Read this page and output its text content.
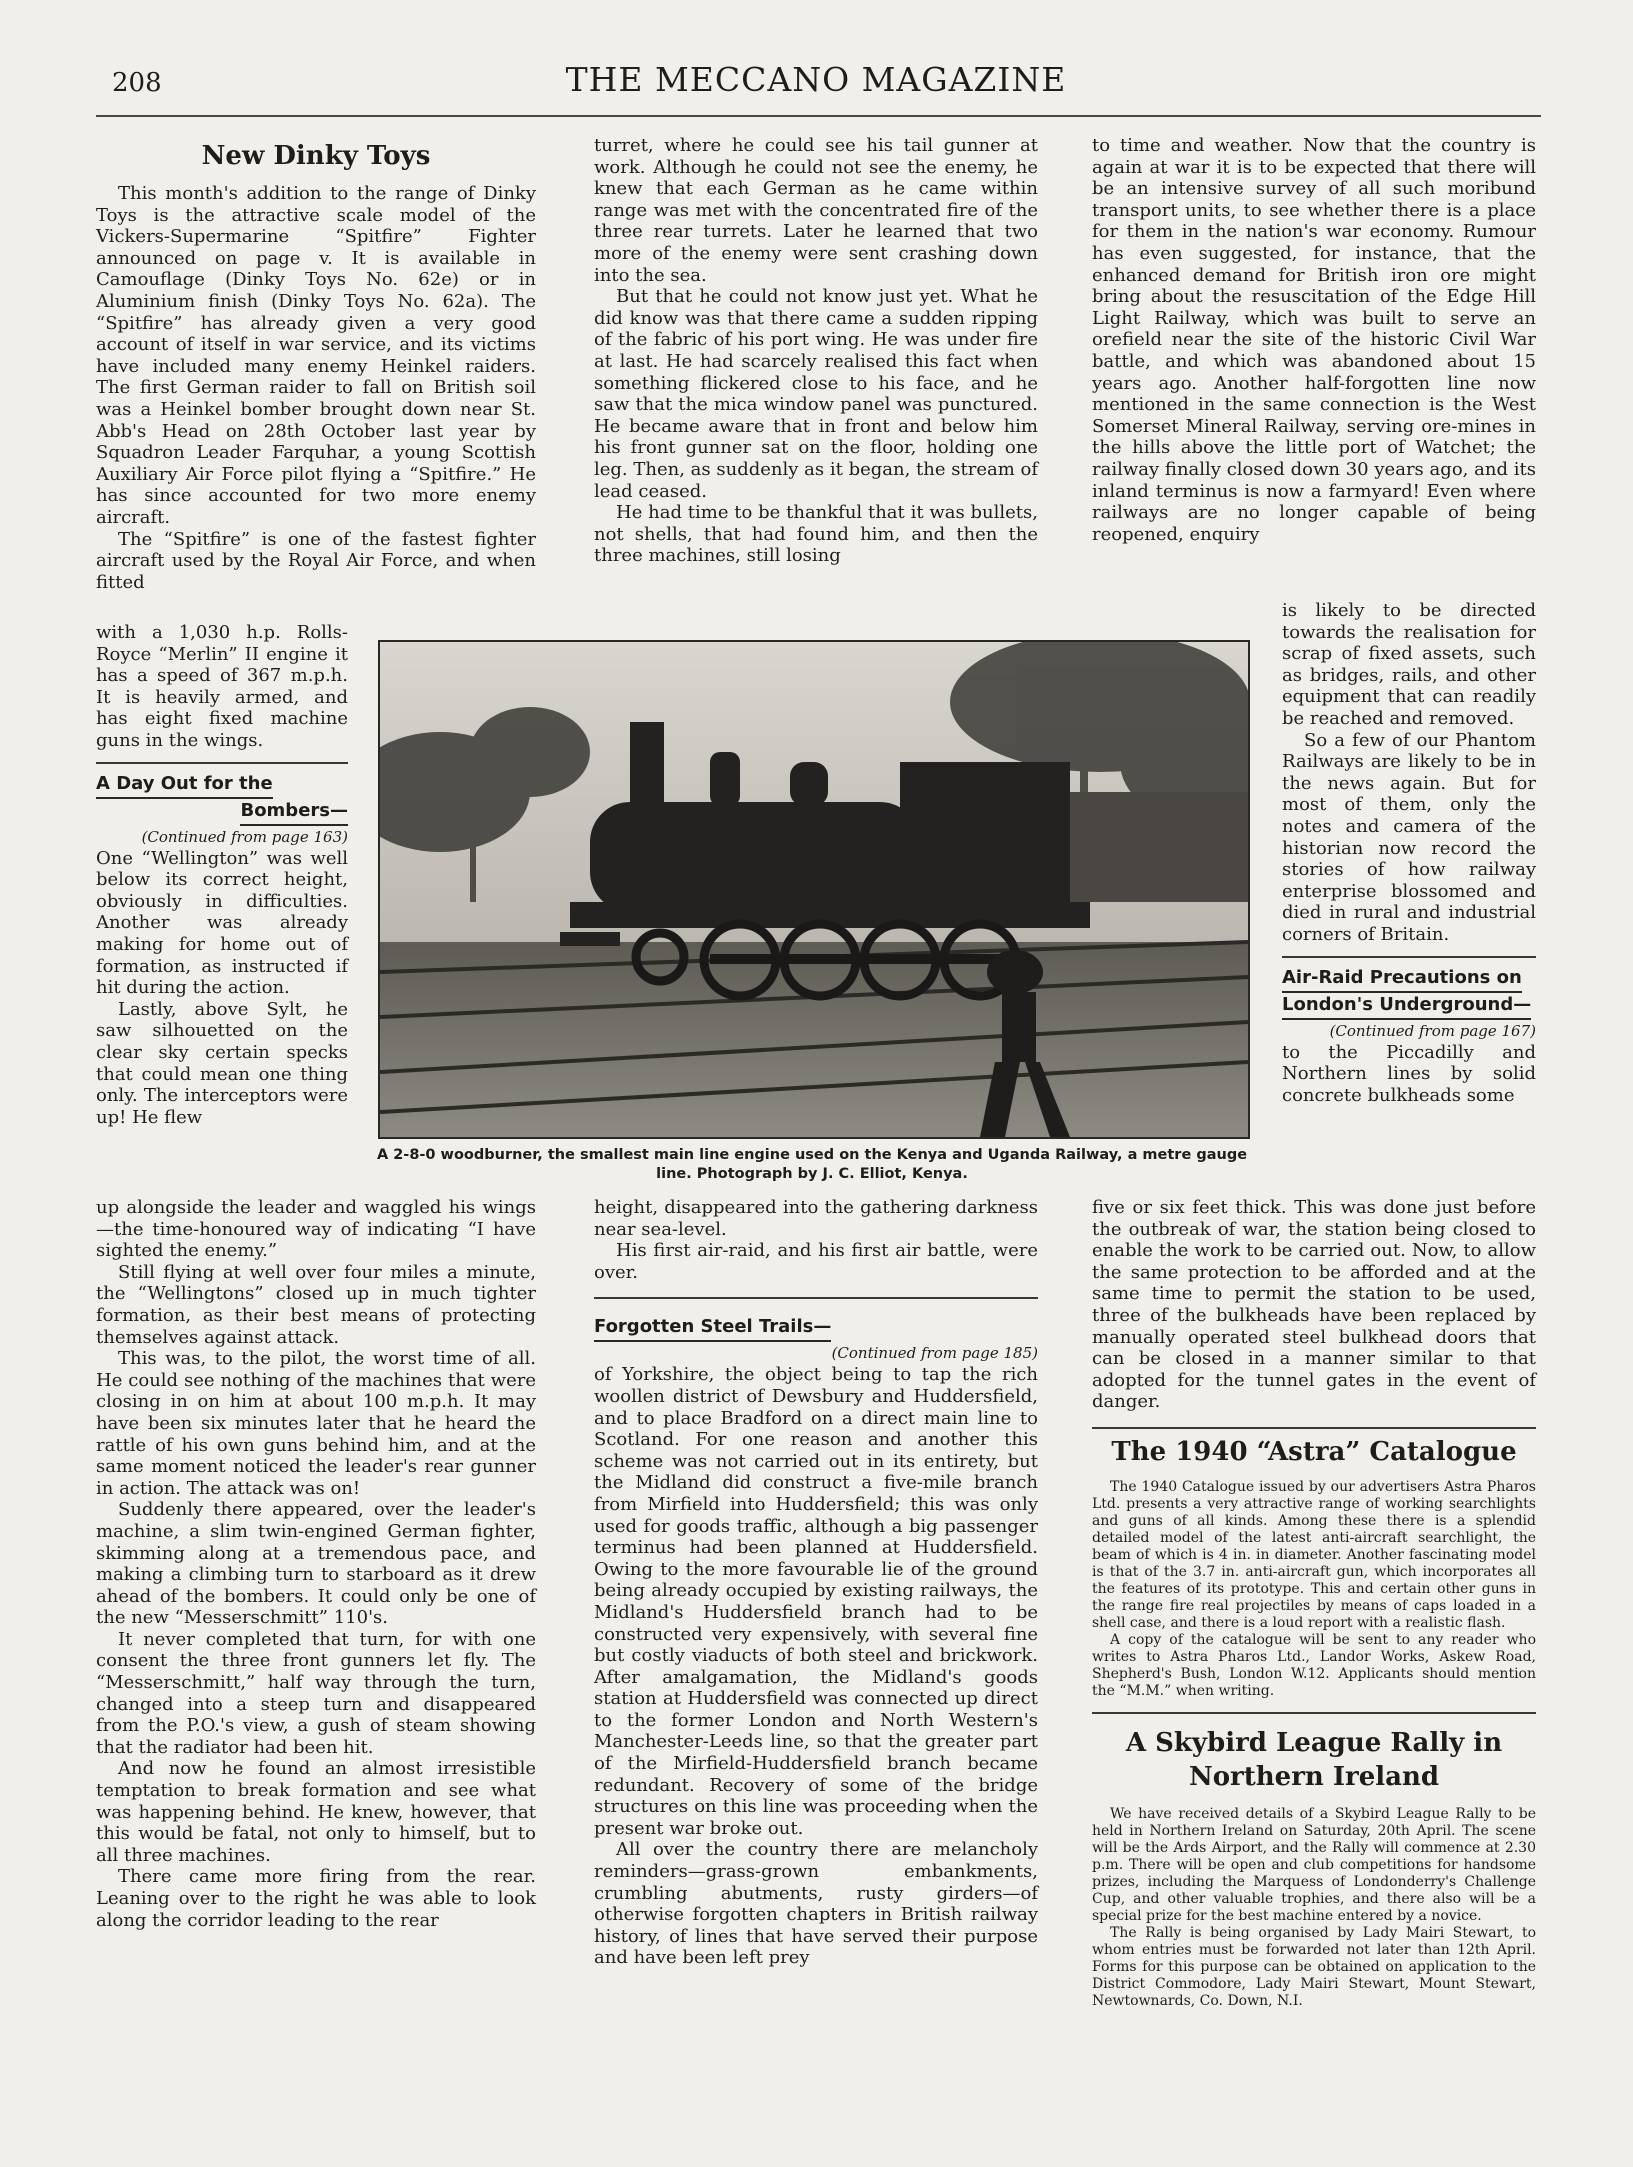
208	THE MECCANO MAGAZINE
New Dinky Toys

This month's addition to the range of Dinky Toys is the attractive scale model of the Vickers-Supermarine “Spitfire” Fighter announced on page v. It is available in Camouflage (Dinky Toys No. 62e) or in Aluminium finish (Dinky Toys No. 62a). The “Spitfire” has already given a very good account of itself in war service, and its victims have included many enemy Heinkel raiders. The first German raider to fall on British soil was a Heinkel bomber brought down near St. Abb's Head on 28th October last year by Squadron Leader Farquhar, a young Scottish Auxiliary Air Force pilot flying a “Spitfire.” He has since accounted for two more enemy aircraft.

The “Spitfire” is one of the fastest fighter aircraft used by the Royal Air Force, and when fitted

with a 1,030 h.p. Rolls-Royce “Merlin” II engine it has a speed of 367 m.p.h. It is heavily armed, and has eight fixed machine guns in the wings.

A Day Out for the

Bombers—
(Continued from page 163)

One “Wellington” was well below its correct height, obviously in difficulties. Another was already making for home out of formation, as instructed if hit during the action.

Lastly, above Sylt, he saw silhouetted on the clear sky certain specks that could mean one thing only. The interceptors were up! He flew

up alongside the leader and waggled his wings—the time-honoured way of indicating “I have sighted the enemy.”

Still flying at well over four miles a minute, the “Wellingtons” closed up in much tighter formation, as their best means of protecting themselves against attack.

This was, to the pilot, the worst time of all. He could see nothing of the machines that were closing in on him at about 100 m.p.h. It may have been six minutes later that he heard the rattle of his own guns behind him, and at the same moment noticed the leader's rear gunner in action. The attack was on!

Suddenly there appeared, over the leader's machine, a slim twin-engined German fighter, skimming along at a tremendous pace, and making a climbing turn to starboard as it drew ahead of the bombers. It could only be one of the new “Messerschmitt” 110's.

It never completed that turn, for with one consent the three front gunners let fly. The “Messerschmitt,” half way through the turn, changed into a steep turn and disappeared from the P.O.'s view, a gush of steam showing that the radiator had been hit.

And now he found an almost irresistible temptation to break formation and see what was happening behind. He knew, however, that this would be fatal, not only to himself, but to all three machines.

There came more firing from the rear. Leaning over to the right he was able to look along the corridor leading to the rear

turret, where he could see his tail gunner at work. Although he could not see the enemy, he knew that each German as he came within range was met with the concentrated fire of the three rear turrets. Later he learned that two more of the enemy were sent crashing down into the sea.

But that he could not know just yet. What he did know was that there came a sudden ripping of the fabric of his port wing. He was under fire at last. He had scarcely realised this fact when something flickered close to his face, and he saw that the mica window panel was punctured. He became aware that in front and below him his front gunner sat on the floor, holding one leg. Then, as suddenly as it began, the stream of lead ceased.

He had time to be thankful that it was bullets, not shells, that had found him, and then the three machines, still losing

height, disappeared into the gathering darkness near sea-level.

His first air-raid, and his first air battle, were over.

Forgotten Steel Trails—
(Continued from page 185)

of Yorkshire, the object being to tap the rich woollen district of Dewsbury and Huddersfield, and to place Bradford on a direct main line to Scotland. For one reason and another this scheme was not carried out in its entirety, but the Midland did construct a five-mile branch from Mirfield into Huddersfield; this was only used for goods traffic, although a big passenger terminus had been planned at Huddersfield. Owing to the more favourable lie of the ground being already occupied by existing railways, the Midland's Huddersfield branch had to be constructed very expensively, with several fine but costly viaducts of both steel and brickwork. After amalgamation, the Midland's goods station at Huddersfield was connected up direct to the former London and North Western's Manchester-Leeds line, so that the greater part of the Mirfield-Huddersfield branch became redundant. Recovery of some of the bridge structures on this line was proceeding when the present war broke out.

All over the country there are melancholy reminders—grass-grown embankments, crumbling abutments, rusty girders—of otherwise forgotten chapters in British railway history, of lines that have served their purpose and have been left prey

to time and weather. Now that the country is again at war it is to be expected that there will be an intensive survey of all such moribund transport units, to see whether there is a place for them in the nation's war economy. Rumour has even suggested, for instance, that the enhanced demand for British iron ore might bring about the resuscitation of the Edge Hill Light Railway, which was built to serve an orefield near the site of the historic Civil War battle, and which was abandoned about 15 years ago. Another half-forgotten line now mentioned in the same connection is the West Somerset Mineral Railway, serving ore-mines in the hills above the little port of Watchet; the railway finally closed down 30 years ago, and its inland terminus is now a farmyard! Even where railways are no longer capable of being reopened, enquiry

is likely to be directed towards the realisation for scrap of fixed assets, such as bridges, rails, and other equipment that can readily be reached and removed.

So a few of our Phantom Railways are likely to be in the news again. But for most of them, only the notes and camera of the historian now record the stories of how railway enterprise blossomed and died in rural and industrial corners of Britain.

Air-Raid Precautions on
London's Underground—
(Continued from page 167)

to the Piccadilly and Northern lines by solid concrete bulkheads some

five or six feet thick. This was done just before the outbreak of war, the station being closed to enable the work to be carried out. Now, to allow the same protection to be afforded and at the same time to permit the station to be used, three of the bulkheads have been replaced by manually operated steel bulkhead doors that can be closed in a manner similar to that adopted for the tunnel gates in the event of danger.

The 1940 “Astra” Catalogue

The 1940 Catalogue issued by our advertisers Astra Pharos Ltd. presents a very attractive range of working searchlights and guns of all kinds. Among these there is a splendid detailed model of the latest anti-aircraft searchlight, the beam of which is 4 in. in diameter. Another fascinating model is that of the 3.7 in. anti-aircraft gun, which incorporates all the features of its prototype. This and certain other guns in the range fire real projectiles by means of caps loaded in a shell case, and there is a loud report with a realistic flash.

A copy of the catalogue will be sent to any reader who writes to Astra Pharos Ltd., Landor Works, Askew Road, Shepherd's Bush, London W.12. Applicants should mention the “M.M.” when writing.

A Skybird League Rally in Northern Ireland

We have received details of a Skybird League Rally to be held in Northern Ireland on Saturday, 20th April. The scene will be the Ards Airport, and the Rally will commence at 2.30 p.m. There will be open and club competitions for handsome prizes, including the Marquess of Londonderry's Challenge Cup, and other valuable trophies, and there also will be a special prize for the best machine entered by a novice.

The Rally is being organised by Lady Mairi Stewart, to whom entries must be forwarded not later than 12th April. Forms for this purpose can be obtained on application to the District Commodore, Lady Mairi Stewart, Mount Stewart, Newtownards, Co. Down, N.I.

A 2-8-0 woodburner, the smallest main line engine used on the Kenya and Uganda Railway, a metre gauge line. Photograph by J. C. Elliot, Kenya.
